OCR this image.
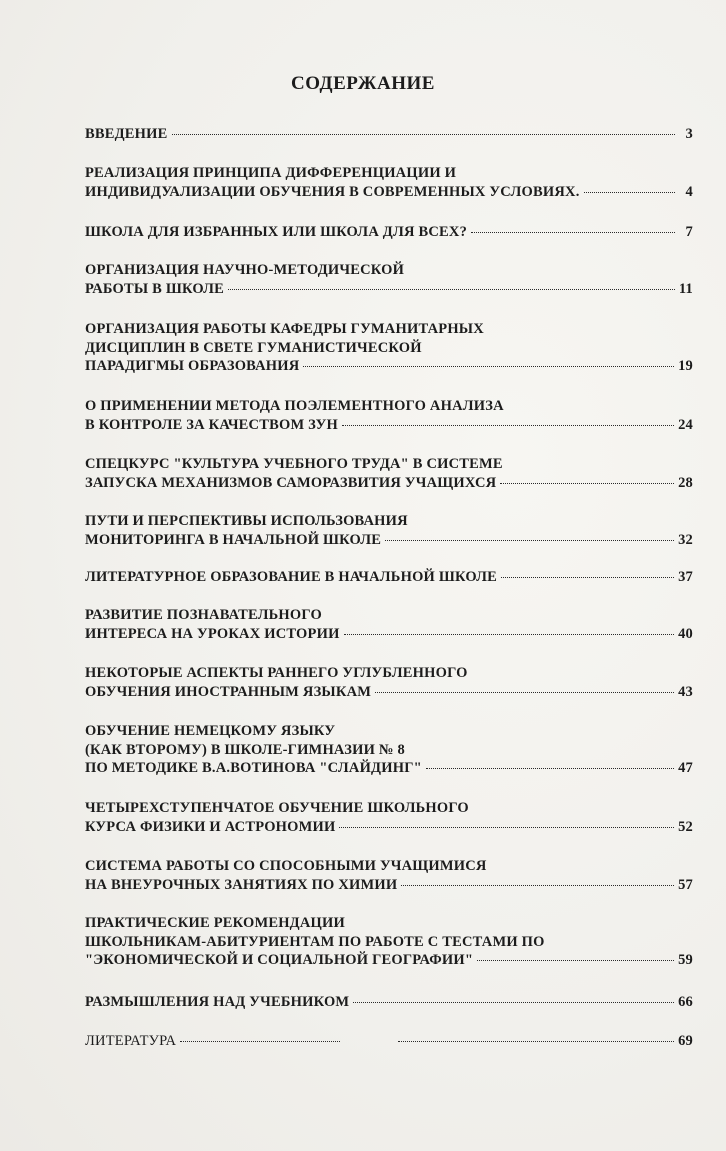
СОДЕРЖАНИЕ
ВВЕДЕНИЕ	3
РЕАЛИЗАЦИЯ ПРИНЦИПА ДИФФЕРЕНЦИАЦИИ И
ИНДИВИДУАЛИЗАЦИИ ОБУЧЕНИЯ В СОВРЕМЕННЫХ УСЛОВИЯХ.	4
ШКОЛА ДЛЯ ИЗБРАННЫХ ИЛИ ШКОЛА ДЛЯ ВСЕХ?	7
ОРГАНИЗАЦИЯ НАУЧНО-МЕТОДИЧЕСКОЙ
РАБОТЫ В ШКОЛЕ	11
ОРГАНИЗАЦИЯ РАБОТЫ КАФЕДРЫ ГУМАНИТАРНЫХ
ДИСЦИПЛИН В СВЕТЕ ГУМАНИСТИЧЕСКОЙ
ПАРАДИГМЫ ОБРАЗОВАНИЯ	19
О ПРИМЕНЕНИИ МЕТОДА ПОЭЛЕМЕНТНОГО АНАЛИЗА
В КОНТРОЛЕ ЗА КАЧЕСТВОМ ЗУН	24
СПЕЦКУРС "КУЛЬТУРА УЧЕБНОГО ТРУДА" В СИСТЕМЕ
ЗАПУСКА МЕХАНИЗМОВ САМОРАЗВИТИЯ УЧАЩИХСЯ	28
ПУТИ И ПЕРСПЕКТИВЫ ИСПОЛЬЗОВАНИЯ
МОНИТОРИНГА В НАЧАЛЬНОЙ ШКОЛЕ	32
ЛИТЕРАТУРНОЕ ОБРАЗОВАНИЕ В НАЧАЛЬНОЙ ШКОЛЕ	37
РАЗВИТИЕ ПОЗНАВАТЕЛЬНОГО
ИНТЕРЕСА НА УРОКАХ ИСТОРИИ	40
НЕКОТОРЫЕ АСПЕКТЫ РАННЕГО УГЛУБЛЕННОГО
ОБУЧЕНИЯ ИНОСТРАННЫМ ЯЗЫКАМ	43
ОБУЧЕНИЕ НЕМЕЦКОМУ ЯЗЫКУ
(КАК ВТОРОМУ) В ШКОЛЕ-ГИМНАЗИИ № 8
ПО МЕТОДИКЕ В.А.ВОТИНОВА "СЛАЙДИНГ"	47
ЧЕТЫРЕХСТУПЕНЧАТОЕ ОБУЧЕНИЕ ШКОЛЬНОГО
КУРСА ФИЗИКИ И АСТРОНОМИИ	52
СИСТЕМА РАБОТЫ СО СПОСОБНЫМИ УЧАЩИМИСЯ
НА ВНЕУРОЧНЫХ ЗАНЯТИЯХ ПО ХИМИИ	57
ПРАКТИЧЕСКИЕ РЕКОМЕНДАЦИИ
ШКОЛЬНИКАМ-АБИТУРИЕНТАМ ПО РАБОТЕ С ТЕСТАМИ ПО
"ЭКОНОМИЧЕСКОЙ И СОЦИАЛЬНОЙ ГЕОГРАФИИ"	59
РАЗМЫШЛЕНИЯ НАД УЧЕБНИКОМ	66
ЛИТЕРАТУРА	69
